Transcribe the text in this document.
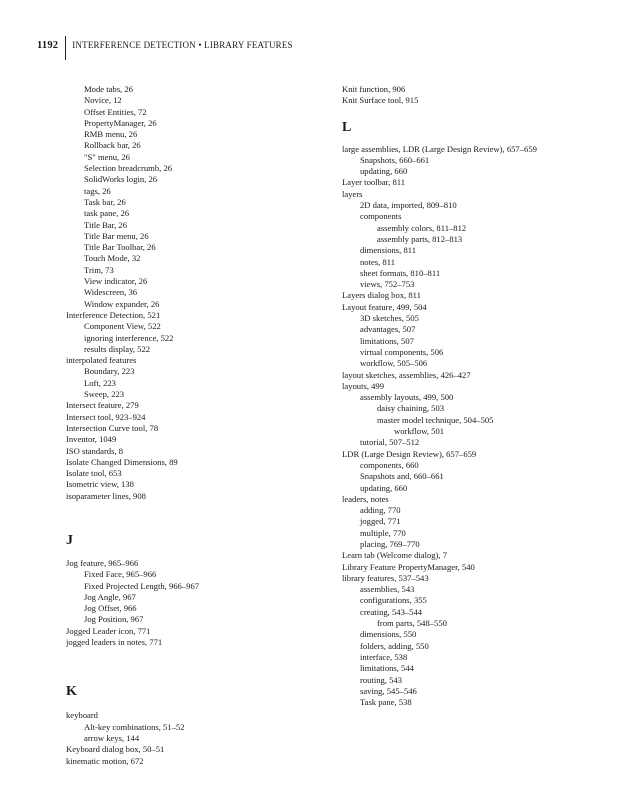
1192 INTERFERENCE DETECTION • LIBRARY FEATURES
Mode tabs, 26
Novice, 12
Offset Entities, 72
PropertyManager, 26
RMB menu, 26
Rollback bar, 26
"S" menu, 26
Selection breadcrumb, 26
SolidWorks login, 26
tags, 26
Task bar, 26
task pane, 26
Title Bar, 26
Title Bar menu, 26
Title Bar Toolbar, 26
Touch Mode, 32
Trim, 73
View indicator, 26
Widescreen, 36
Window expander, 26
Interference Detection, 521
Component View, 522
ignoring interference, 522
results display, 522
interpolated features
Boundary, 223
Loft, 223
Sweep, 223
Intersect feature, 279
Intersect tool, 923–924
Intersection Curve tool, 78
Inventor, 1049
ISO standards, 8
Isolate Changed Dimensions, 89
Isolate tool, 653
Isometric view, 138
isoparameter lines, 908
J
Jog feature, 965–966
Fixed Face, 965–966
Fixed Projected Length, 966–967
Jog Angle, 967
Jog Offset, 966
Jog Position, 967
Jogged Leader icon, 771
jogged leaders in notes, 771
K
keyboard
Alt-key combinations, 51–52
arrow keys, 144
Keyboard dialog box, 50–51
kinematic motion, 672
Knit function, 906
Knit Surface tool, 915
L
large assemblies, LDR (Large Design Review), 657–659
Snapshots, 660–661
updating, 660
Layer toolbar, 811
layers
2D data, imported, 809–810
components
assembly colors, 811–812
assembly parts, 812–813
dimensions, 811
notes, 811
sheet formats, 810–811
views, 752–753
Layers dialog box, 811
Layout feature, 499, 504
3D sketches, 505
advantages, 507
limitations, 507
virtual components, 506
workflow, 505–506
layout sketches, assemblies, 426–427
layouts, 499
assembly layouts, 499, 500
daisy chaining, 503
master model technique, 504–505
workflow, 501
tutorial, 507–512
LDR (Large Design Review), 657–659
components, 660
Snapshots and, 660–661
updating, 660
leaders, notes
adding, 770
jogged, 771
multiple, 770
placing, 769–770
Learn tab (Welcome dialog), 7
Library Feature PropertyManager, 540
library features, 537–543
assemblies, 543
configurations, 355
creating, 543–544
from parts, 548–550
dimensions, 550
folders, adding, 550
interface, 538
limitations, 544
routing, 543
saving, 545–546
Task pane, 538
